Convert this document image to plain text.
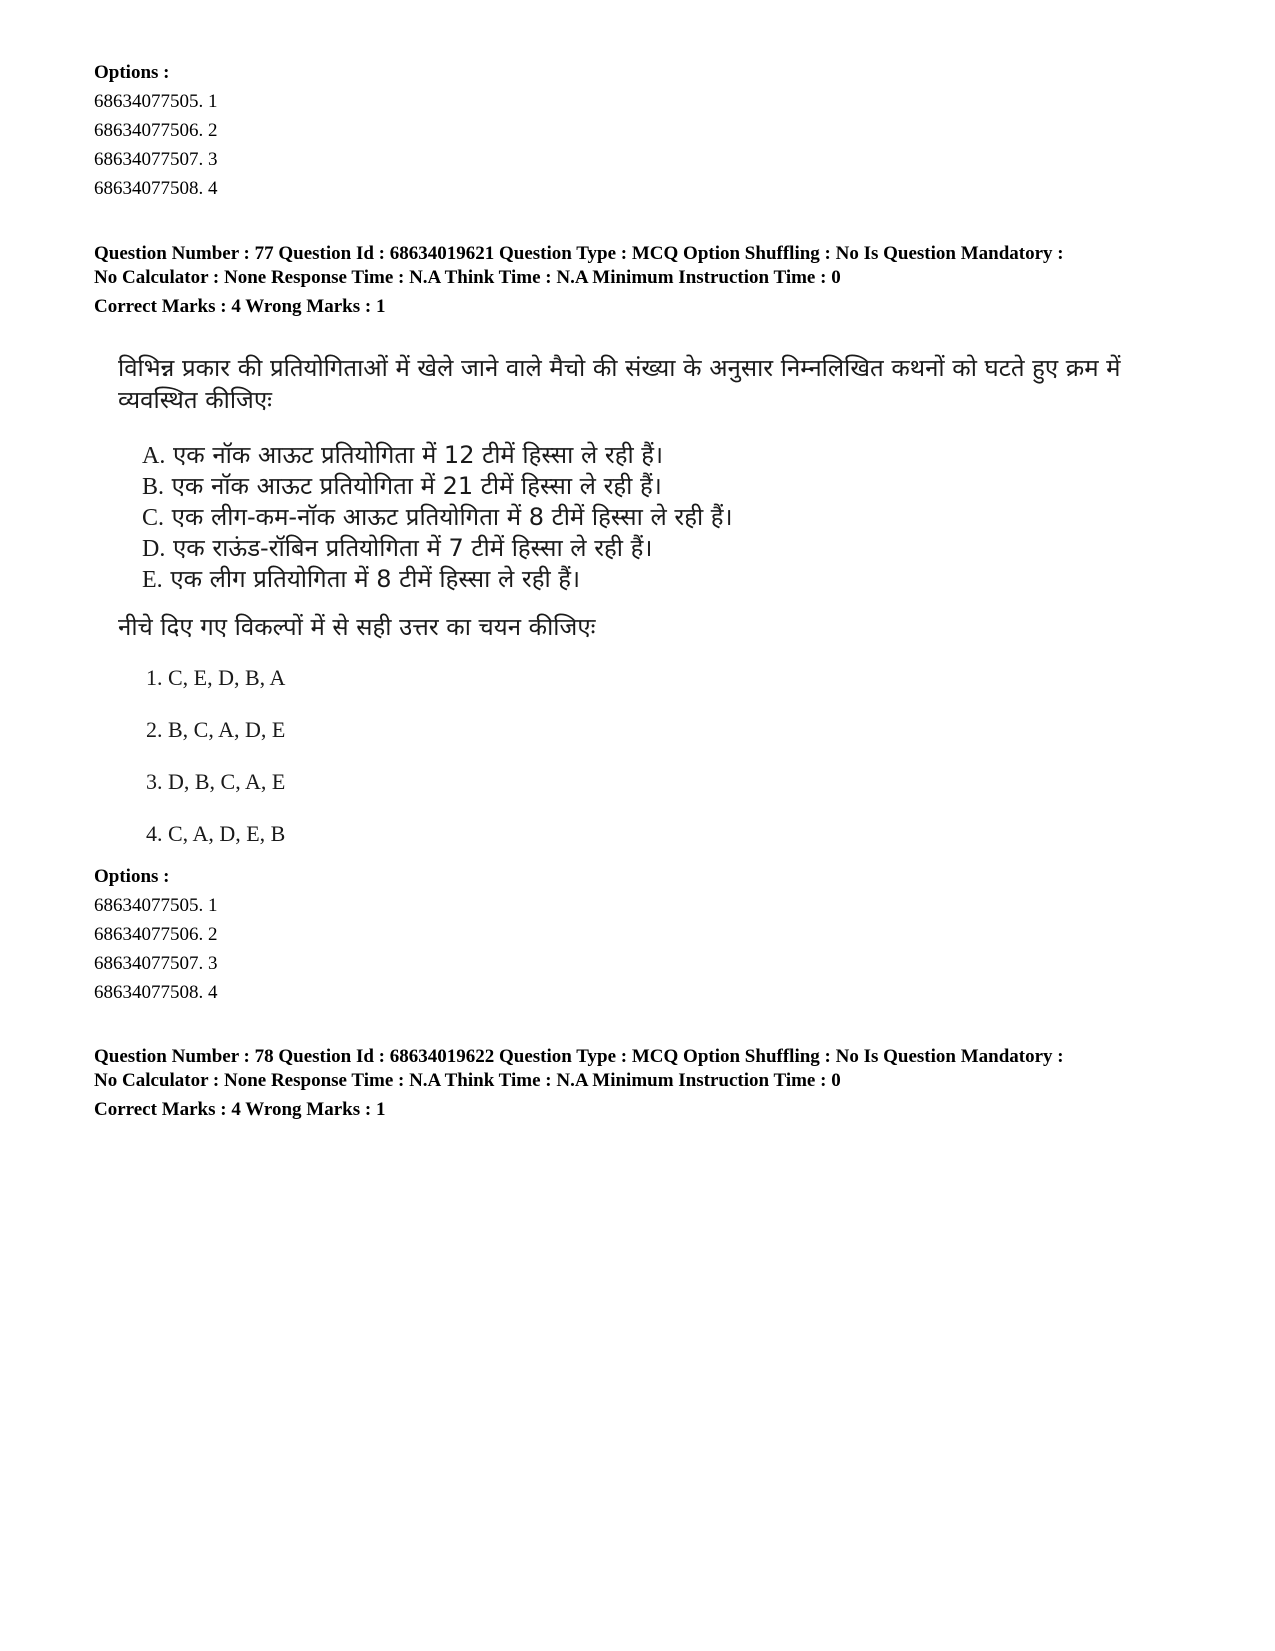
Options :
68634077505. 1
68634077506. 2
68634077507. 3
68634077508. 4
Question Number : 77 Question Id : 68634019621 Question Type : MCQ Option Shuffling : No Is Question Mandatory :
No Calculator : None Response Time : N.A Think Time : N.A Minimum Instruction Time : 0
Correct Marks : 4 Wrong Marks : 1
विभिन्न प्रकार की प्रतियोगिताओं में खेले जाने वाले मैचो की संख्या के अनुसार निम्नलिखित कथनों को घटते हुए क्रम में व्यवस्थित कीजिएः
A. एक नॉक आऊट प्रतियोगिता में 12 टीमें हिस्सा ले रही हैं।
B. एक नॉक आऊट प्रतियोगिता में 21 टीमें हिस्सा ले रही हैं।
C. एक लीग-कम-नॉक आऊट प्रतियोगिता में 8 टीमें हिस्सा ले रही हैं।
D. एक राऊंड-रॉबिन प्रतियोगिता में 7 टीमें हिस्सा ले रही हैं।
E. एक लीग प्रतियोगिता में 8 टीमें हिस्सा ले रही हैं।
नीचे दिए गए विकल्पों में से सही उत्तर का चयन कीजिएः
1. C, E, D, B, A
2. B, C, A, D, E
3. D, B, C, A, E
4. C, A, D, E, B
Options :
68634077505. 1
68634077506. 2
68634077507. 3
68634077508. 4
Question Number : 78 Question Id : 68634019622 Question Type : MCQ Option Shuffling : No Is Question Mandatory :
No Calculator : None Response Time : N.A Think Time : N.A Minimum Instruction Time : 0
Correct Marks : 4 Wrong Marks : 1
